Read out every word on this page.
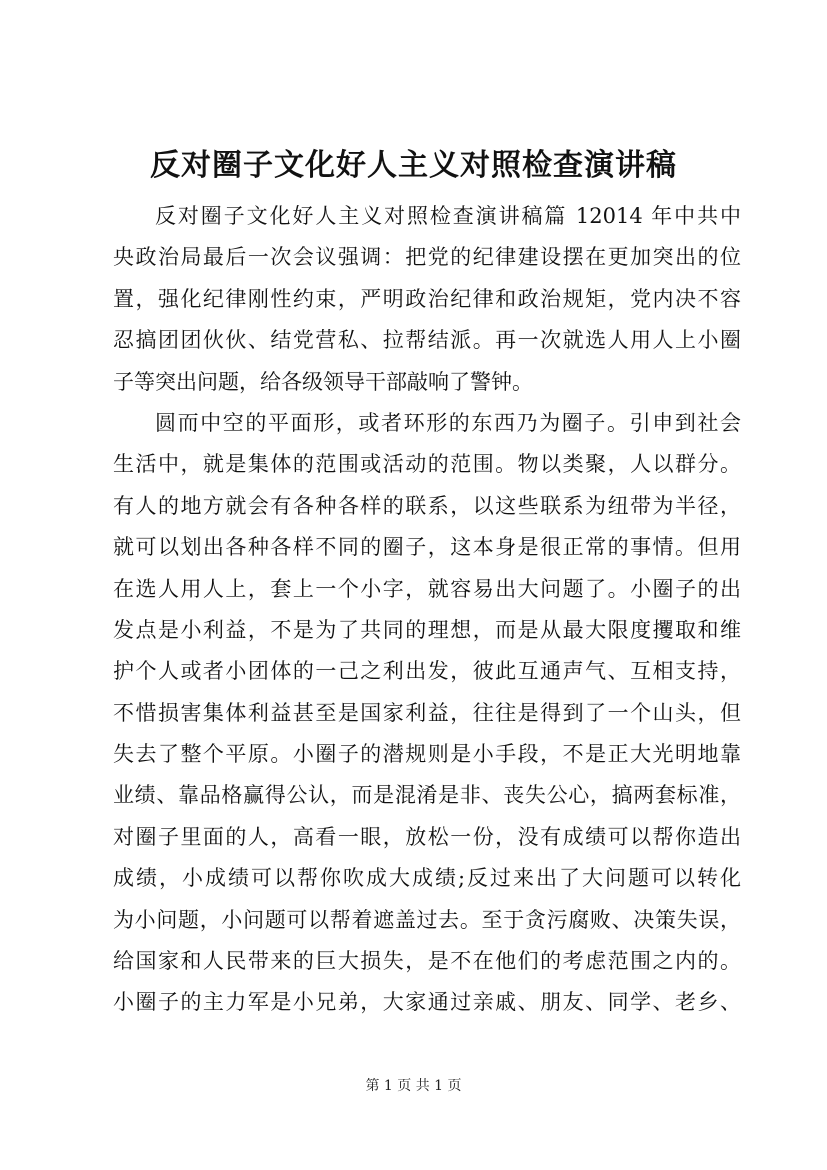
反对圈子文化好人主义对照检查演讲稿
反对圈子文化好人主义对照检查演讲稿篇 12014 年中共中
央政治局最后一次会议强调：把党的纪律建设摆在更加突出的位
置，强化纪律刚性约束，严明政治纪律和政治规矩，党内决不容
忍搞团团伙伙、结党营私、拉帮结派。再一次就选人用人上小圈
子等突出问题，给各级领导干部敲响了警钟。
圆而中空的平面形，或者环形的东西乃为圈子。引申到社会
生活中，就是集体的范围或活动的范围。物以类聚，人以群分。
有人的地方就会有各种各样的联系，以这些联系为纽带为半径，
就可以划出各种各样不同的圈子，这本身是很正常的事情。但用
在选人用人上，套上一个小字，就容易出大问题了。小圈子的出
发点是小利益，不是为了共同的理想，而是从最大限度攫取和维
护个人或者小团体的一己之利出发，彼此互通声气、互相支持，
不惜损害集体利益甚至是国家利益，往往是得到了一个山头，但
失去了整个平原。小圈子的潜规则是小手段，不是正大光明地靠
业绩、靠品格赢得公认，而是混淆是非、丧失公心，搞两套标准，
对圈子里面的人，高看一眼，放松一份，没有成绩可以帮你造出
成绩，小成绩可以帮你吹成大成绩;反过来出了大问题可以转化
为小问题，小问题可以帮着遮盖过去。至于贪污腐败、决策失误，
给国家和人民带来的巨大损失，是不在他们的考虑范围之内的。
小圈子的主力军是小兄弟，大家通过亲戚、朋友、同学、老乡、
第 1 页 共 1 页
